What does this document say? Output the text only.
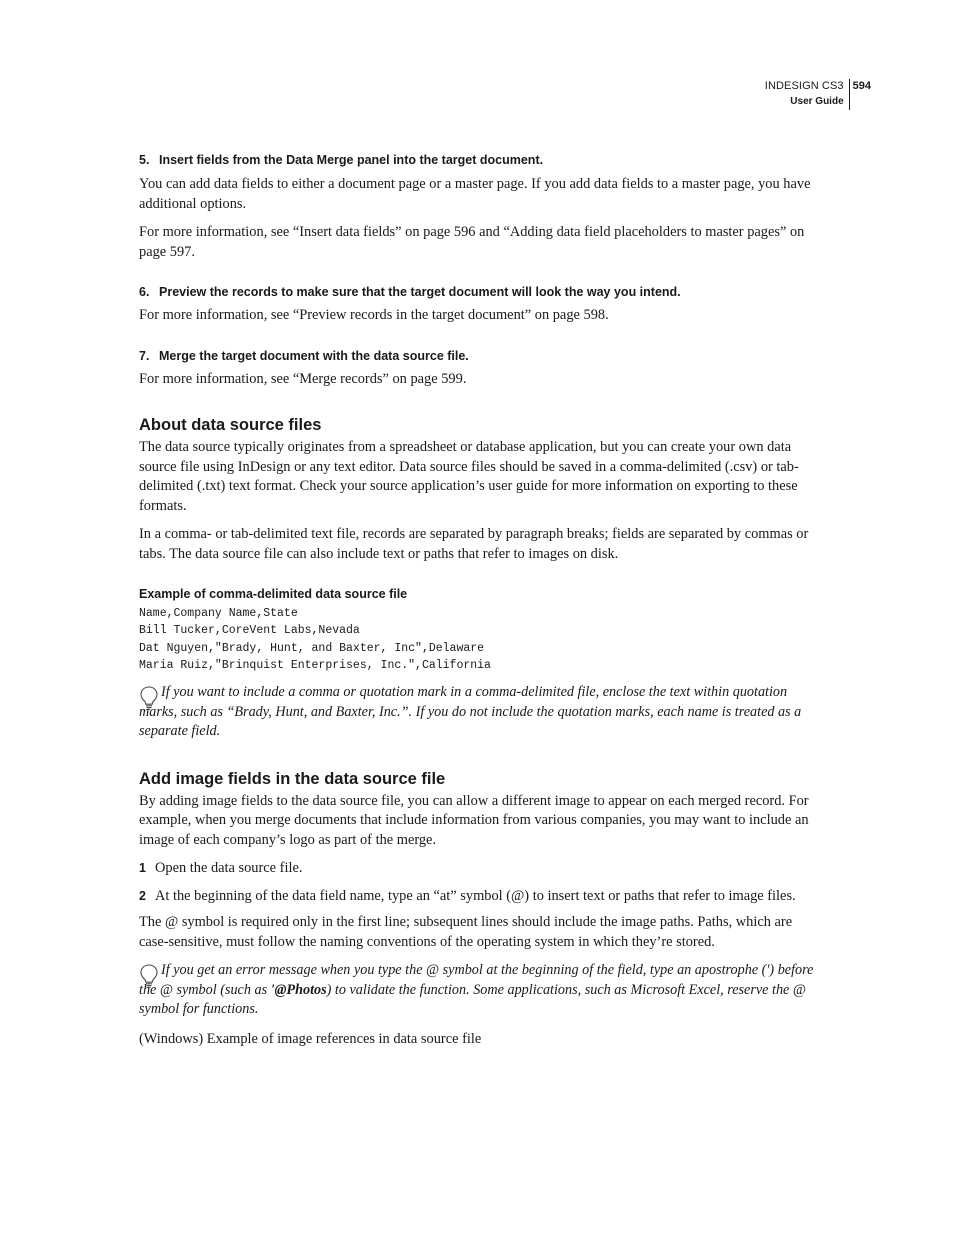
INDESIGN CS3
User Guide
594
5. Insert fields from the Data Merge panel into the target document.

You can add data fields to either a document page or a master page. If you add data fields to a master page, you have additional options.

For more information, see “Insert data fields” on page 596 and “Adding data field placeholders to master pages” on page 597.

6. Preview the records to make sure that the target document will look the way you intend.

For more information, see “Preview records in the target document” on page 598.

7. Merge the target document with the data source file.

For more information, see “Merge records” on page 599.

About data source files

The data source typically originates from a spreadsheet or database application, but you can create your own data source file using InDesign or any text editor. Data source files should be saved in a comma-delimited (.csv) or tab-delimited (.txt) text format. Check your source application’s user guide for more information on exporting to these formats.

In a comma- or tab-delimited text file, records are separated by paragraph breaks; fields are separated by commas or tabs. The data source file can also include text or paths that refer to images on disk.

Example of comma-delimited data source file
Name,Company Name,State
Bill Tucker,CoreVent Labs,Nevada
Dat Nguyen,"Brady, Hunt, and Baxter, Inc",Delaware
Maria Ruiz,"Brinquist Enterprises, Inc.",California

If you want to include a comma or quotation mark in a comma-delimited file, enclose the text within quotation marks, such as “Brady, Hunt, and Baxter, Inc.”. If you do not include the quotation marks, each name is treated as a separate field.

Add image fields in the data source file

By adding image fields to the data source file, you can allow a different image to appear on each merged record. For example, when you merge documents that include information from various companies, you may want to include an image of each company’s logo as part of the merge.

1 Open the data source file.
2 At the beginning of the data field name, type an “at” symbol (@) to insert text or paths that refer to image files.

The @ symbol is required only in the first line; subsequent lines should include the image paths. Paths, which are case-sensitive, must follow the naming conventions of the operating system in which they’re stored.

If you get an error message when you type the @ symbol at the beginning of the field, type an apostrophe (') before the @ symbol (such as '@Photos) to validate the function. Some applications, such as Microsoft Excel, reserve the @ symbol for functions.

(Windows) Example of image references in data source file
